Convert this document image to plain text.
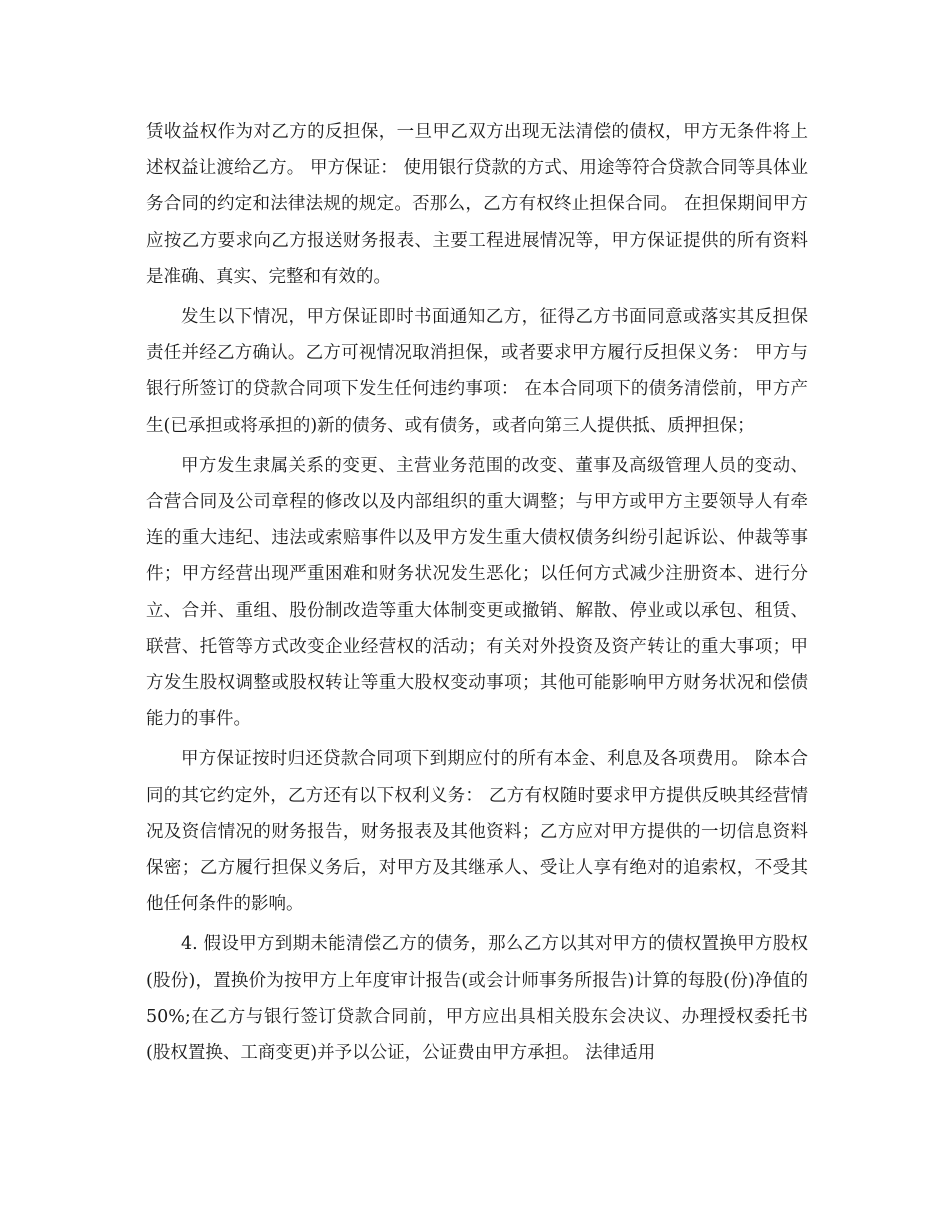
赁收益权作为对乙方的反担保，一旦甲乙双方出现无法清偿的债权，甲方无条件将上述权益让渡给乙方。 甲方保证： 使用银行贷款的方式、用途等符合贷款合同等具体业务合同的约定和法律法规的规定。否那么，乙方有权终止担保合同。 在担保期间甲方应按乙方要求向乙方报送财务报表、主要工程进展情况等，甲方保证提供的所有资料是准确、真实、完整和有效的。

发生以下情况，甲方保证即时书面通知乙方，征得乙方书面同意或落实其反担保责任并经乙方确认。乙方可视情况取消担保，或者要求甲方履行反担保义务： 甲方与银行所签订的贷款合同项下发生任何违约事项： 在本合同项下的债务清偿前，甲方产生(已承担或将承担的)新的债务、或有债务，或者向第三人提供抵、质押担保；

甲方发生隶属关系的变更、主营业务范围的改变、董事及高级管理人员的变动、合营合同及公司章程的修改以及内部组织的重大调整；与甲方或甲方主要领导人有牵连的重大违纪、违法或索赔事件以及甲方发生重大债权债务纠纷引起诉讼、仲裁等事件；甲方经营出现严重困难和财务状况发生恶化；以任何方式减少注册资本、进行分立、合并、重组、股份制改造等重大体制变更或撤销、解散、停业或以承包、租赁、联营、托管等方式改变企业经营权的活动；有关对外投资及资产转让的重大事项；甲方发生股权调整或股权转让等重大股权变动事项；其他可能影响甲方财务状况和偿债能力的事件。

甲方保证按时归还贷款合同项下到期应付的所有本金、利息及各项费用。 除本合同的其它约定外，乙方还有以下权利义务： 乙方有权随时要求甲方提供反映其经营情况及资信情况的财务报告，财务报表及其他资料；乙方应对甲方提供的一切信息资料保密；乙方履行担保义务后，对甲方及其继承人、受让人享有绝对的追索权，不受其他任何条件的影响。

4. 假设甲方到期未能清偿乙方的债务，那么乙方以其对甲方的债权置换甲方股权(股份)，置换价为按甲方上年度审计报告(或会计师事务所报告)计算的每股(份)净值的50%;在乙方与银行签订贷款合同前，甲方应出具相关股东会决议、办理授权委托书(股权置换、工商变更)并予以公证，公证费由甲方承担。 法律适用
